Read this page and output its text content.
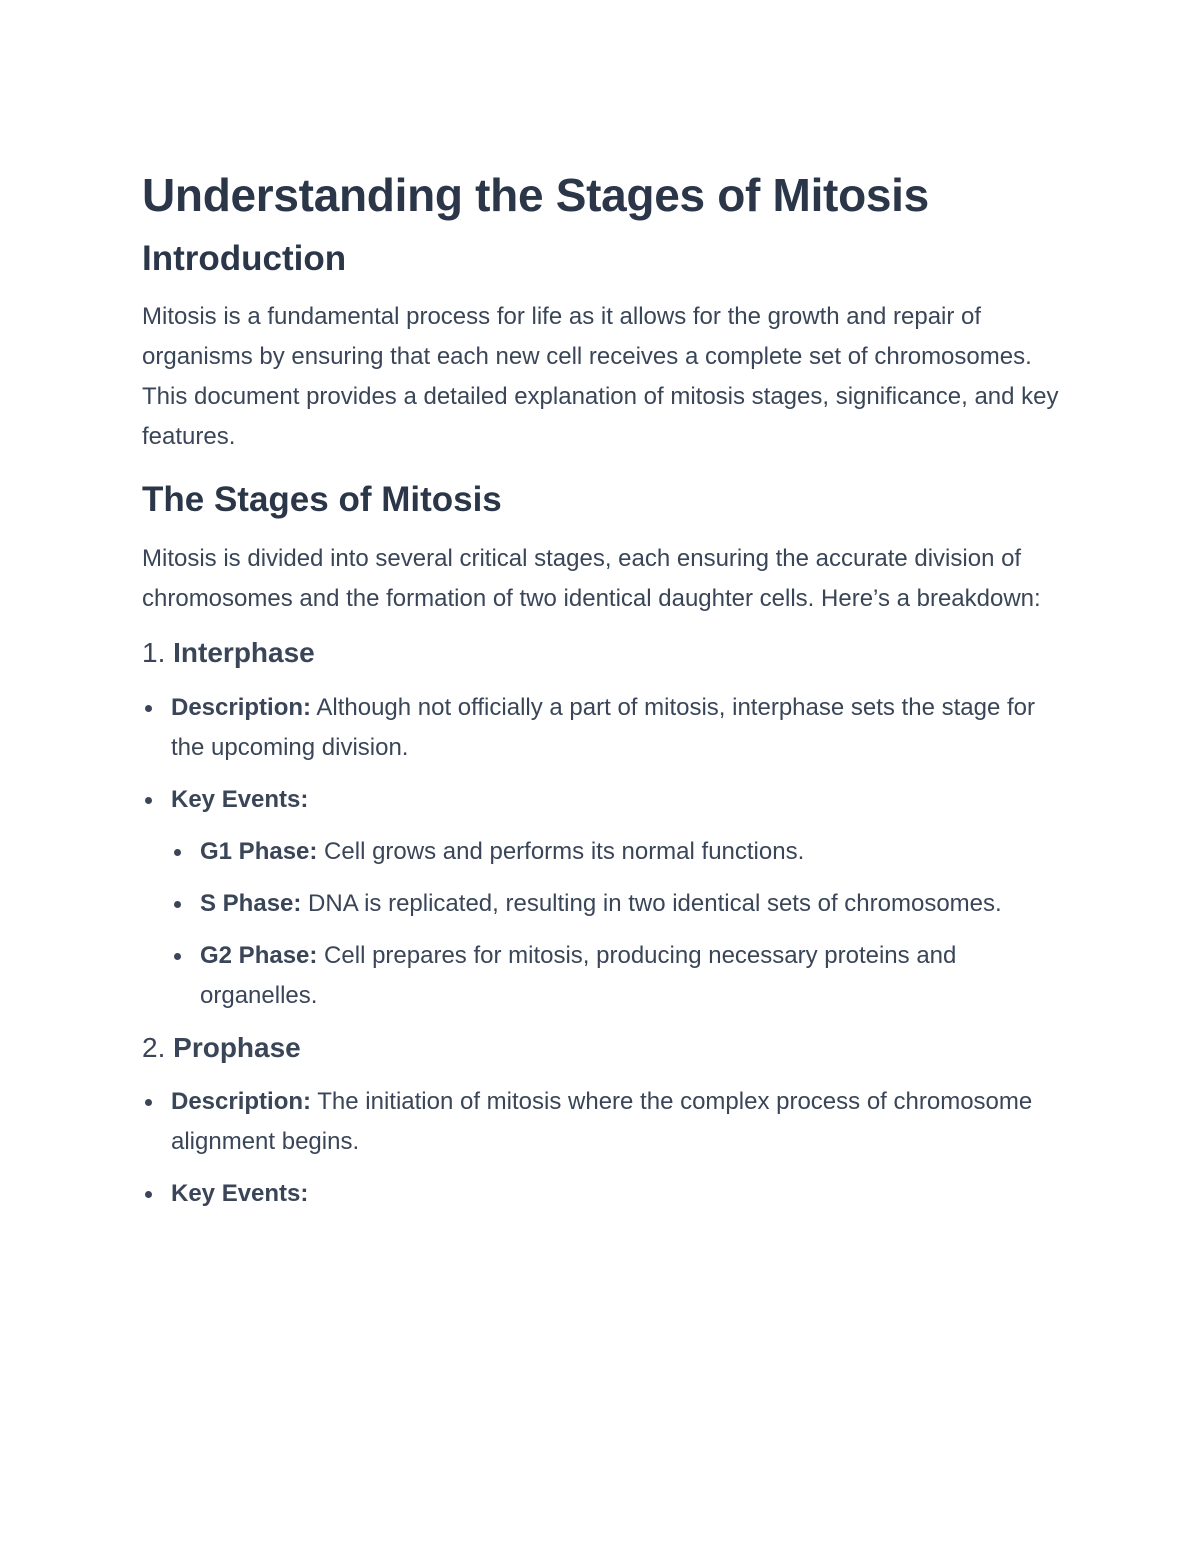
Understanding the Stages of Mitosis
Introduction

Mitosis is a fundamental process for life as it allows for the growth and repair of organisms by ensuring that each new cell receives a complete set of chromosomes. This document provides a detailed explanation of mitosis stages, significance, and key features.

The Stages of Mitosis

Mitosis is divided into several critical stages, each ensuring the accurate division of chromosomes and the formation of two identical daughter cells. Here’s a breakdown:

1. Interphase
Description: Although not officially a part of mitosis, interphase sets the stage for the upcoming division.
Key Events:
G1 Phase: Cell grows and performs its normal functions.
S Phase: DNA is replicated, resulting in two identical sets of chromosomes.
G2 Phase: Cell prepares for mitosis, producing necessary proteins and organelles.
2. Prophase
Description: The initiation of mitosis where the complex process of chromosome alignment begins.
Key Events:
